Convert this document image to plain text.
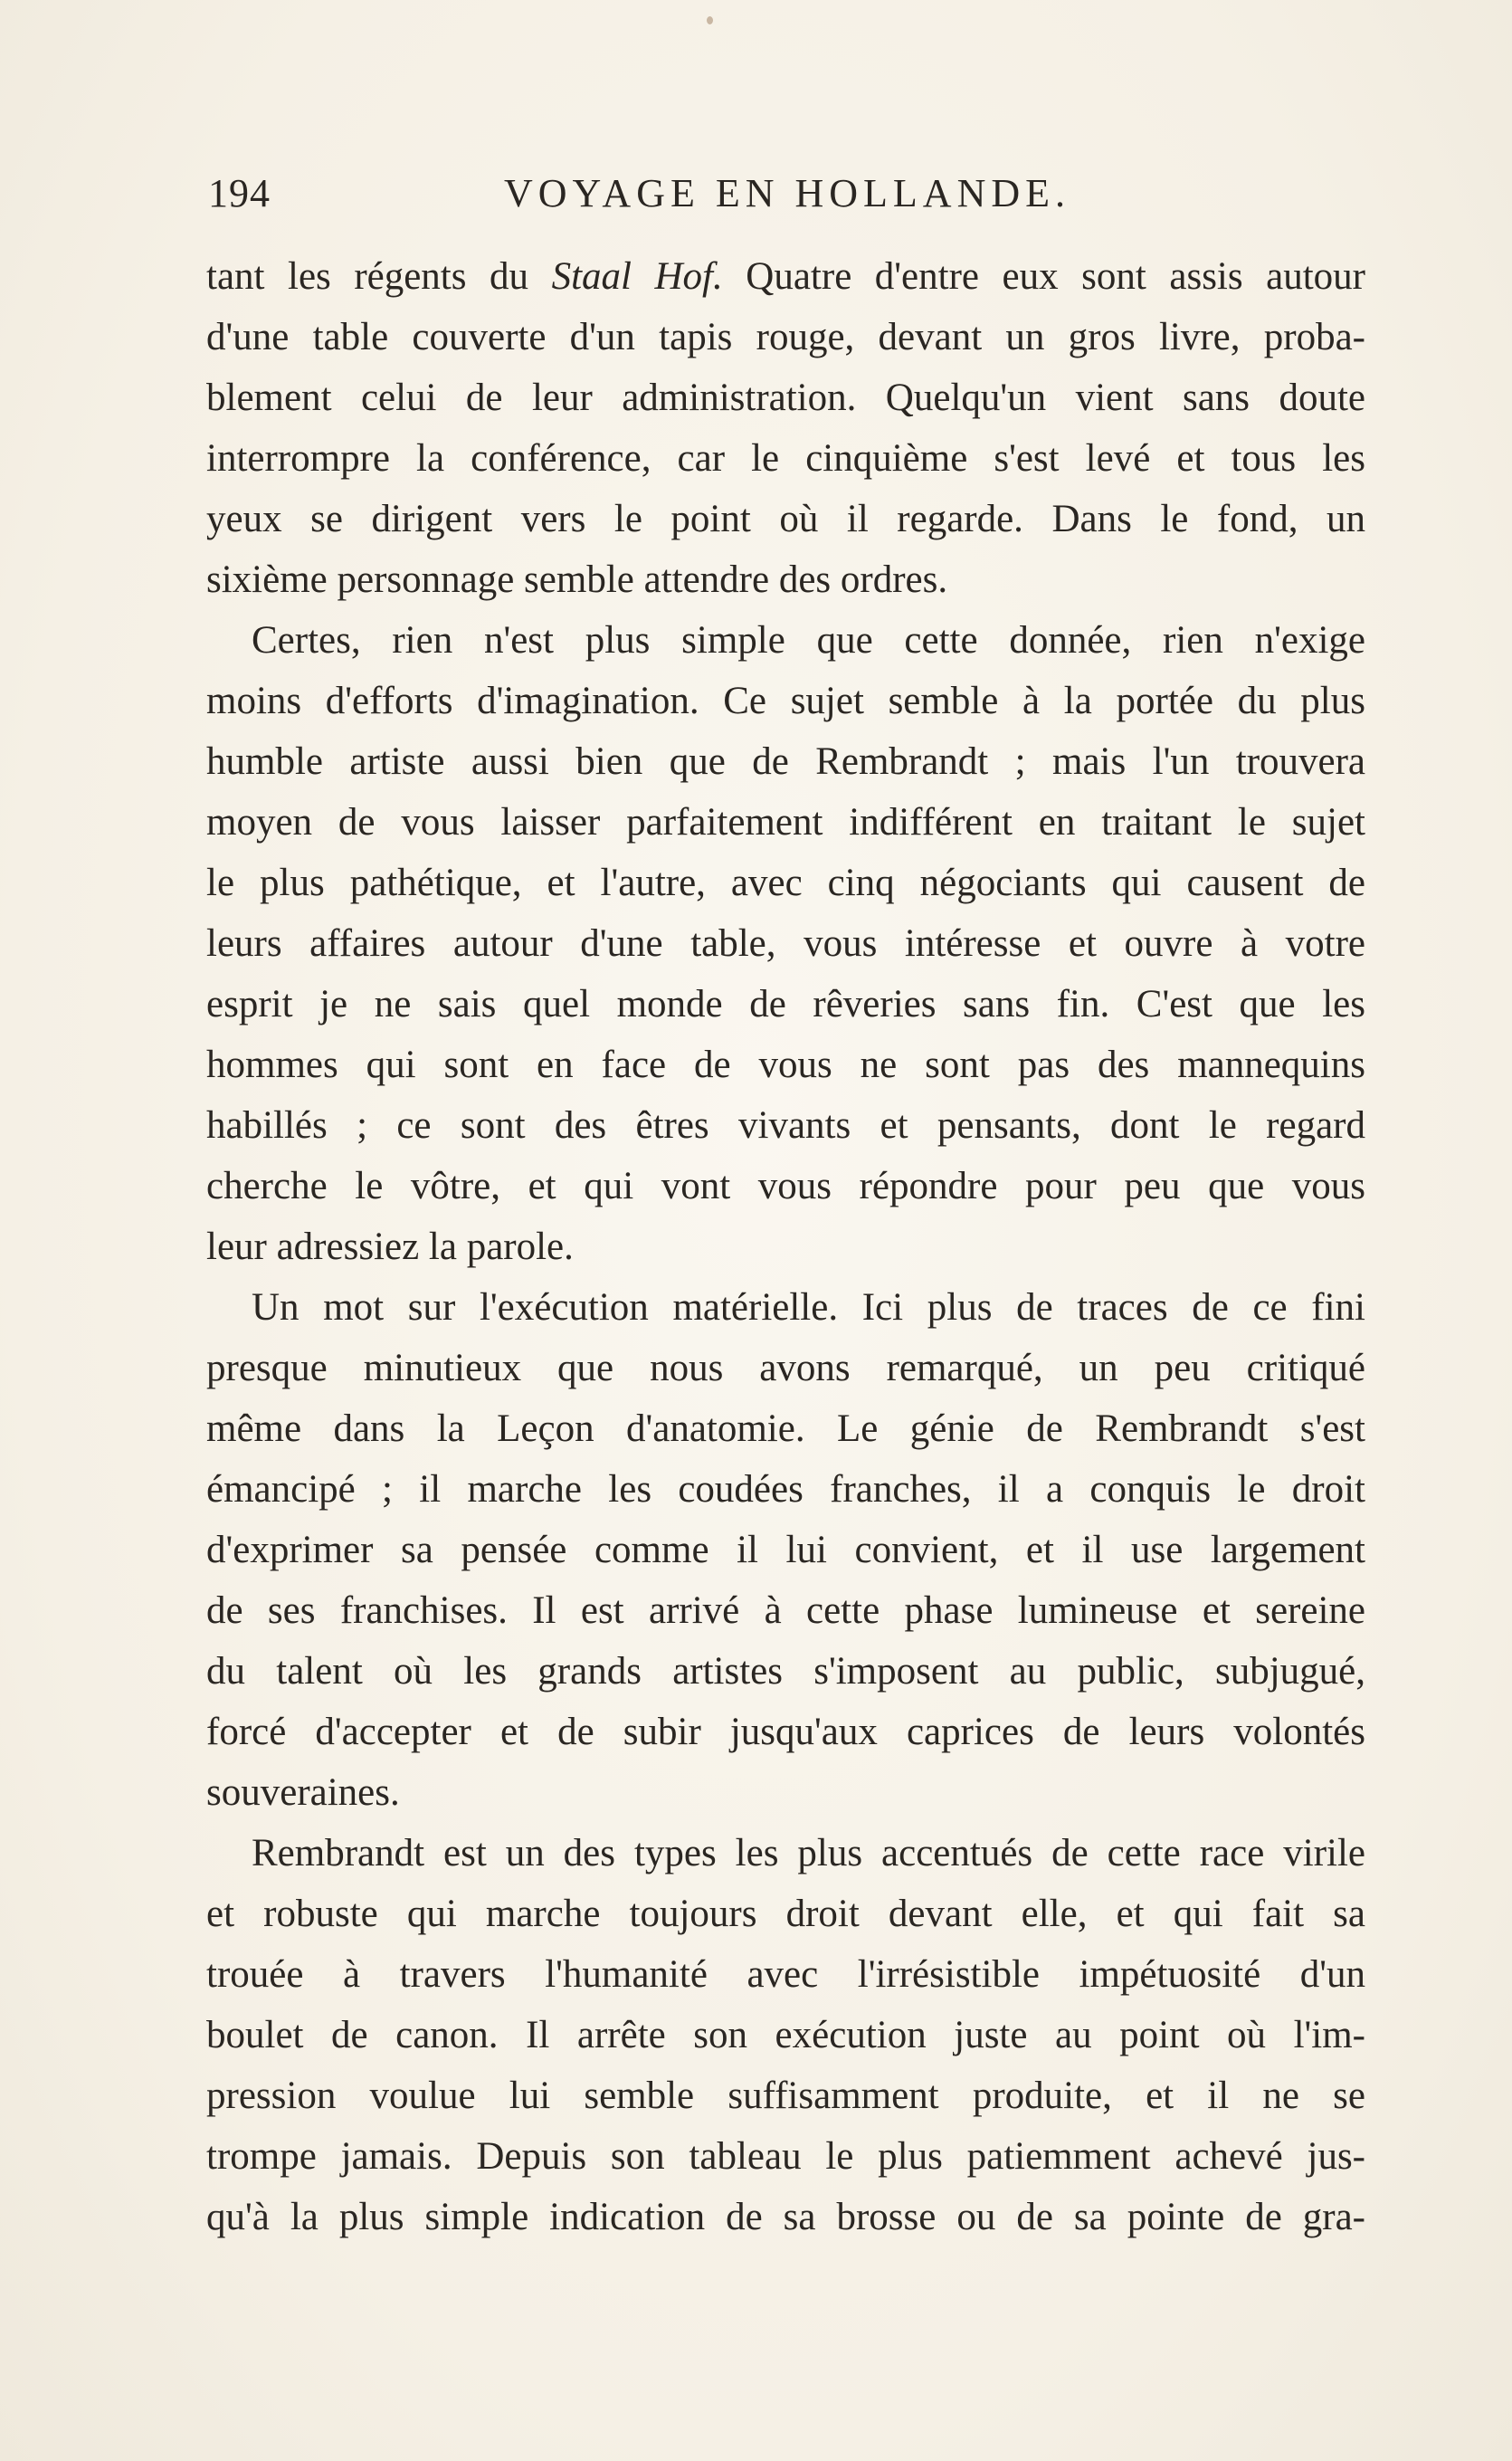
194	VOYAGE EN HOLLANDE.
tant les régents du Staal Hof. Quatre d'entre eux sont assis autour
d'une table couverte d'un tapis rouge, devant un gros livre, proba-
blement celui de leur administration. Quelqu'un vient sans doute
interrompre la conférence, car le cinquième s'est levé et tous les
yeux se dirigent vers le point où il regarde. Dans le fond, un
sixième personnage semble attendre des ordres.
Certes, rien n'est plus simple que cette donnée, rien n'exige
moins d'efforts d'imagination. Ce sujet semble à la portée du plus
humble artiste aussi bien que de Rembrandt ; mais l'un trouvera
moyen de vous laisser parfaitement indifférent en traitant le sujet
le plus pathétique, et l'autre, avec cinq négociants qui causent de
leurs affaires autour d'une table, vous intéresse et ouvre à votre
esprit je ne sais quel monde de rêveries sans fin. C'est que les
hommes qui sont en face de vous ne sont pas des mannequins
habillés ; ce sont des êtres vivants et pensants, dont le regard
cherche le vôtre, et qui vont vous répondre pour peu que vous
leur adressiez la parole.
Un mot sur l'exécution matérielle. Ici plus de traces de ce fini
presque minutieux que nous avons remarqué, un peu critiqué
même dans la Leçon d'anatomie. Le génie de Rembrandt s'est
émancipé ; il marche les coudées franches, il a conquis le droit
d'exprimer sa pensée comme il lui convient, et il use largement
de ses franchises. Il est arrivé à cette phase lumineuse et sereine
du talent où les grands artistes s'imposent au public, subjugué,
forcé d'accepter et de subir jusqu'aux caprices de leurs volontés
souveraines.
Rembrandt est un des types les plus accentués de cette race virile
et robuste qui marche toujours droit devant elle, et qui fait sa
trouée à travers l'humanité avec l'irrésistible impétuosité d'un
boulet de canon. Il arrête son exécution juste au point où l'im-
pression voulue lui semble suffisamment produite, et il ne se
trompe jamais. Depuis son tableau le plus patiemment achevé jus-
qu'à la plus simple indication de sa brosse ou de sa pointe de gra-
